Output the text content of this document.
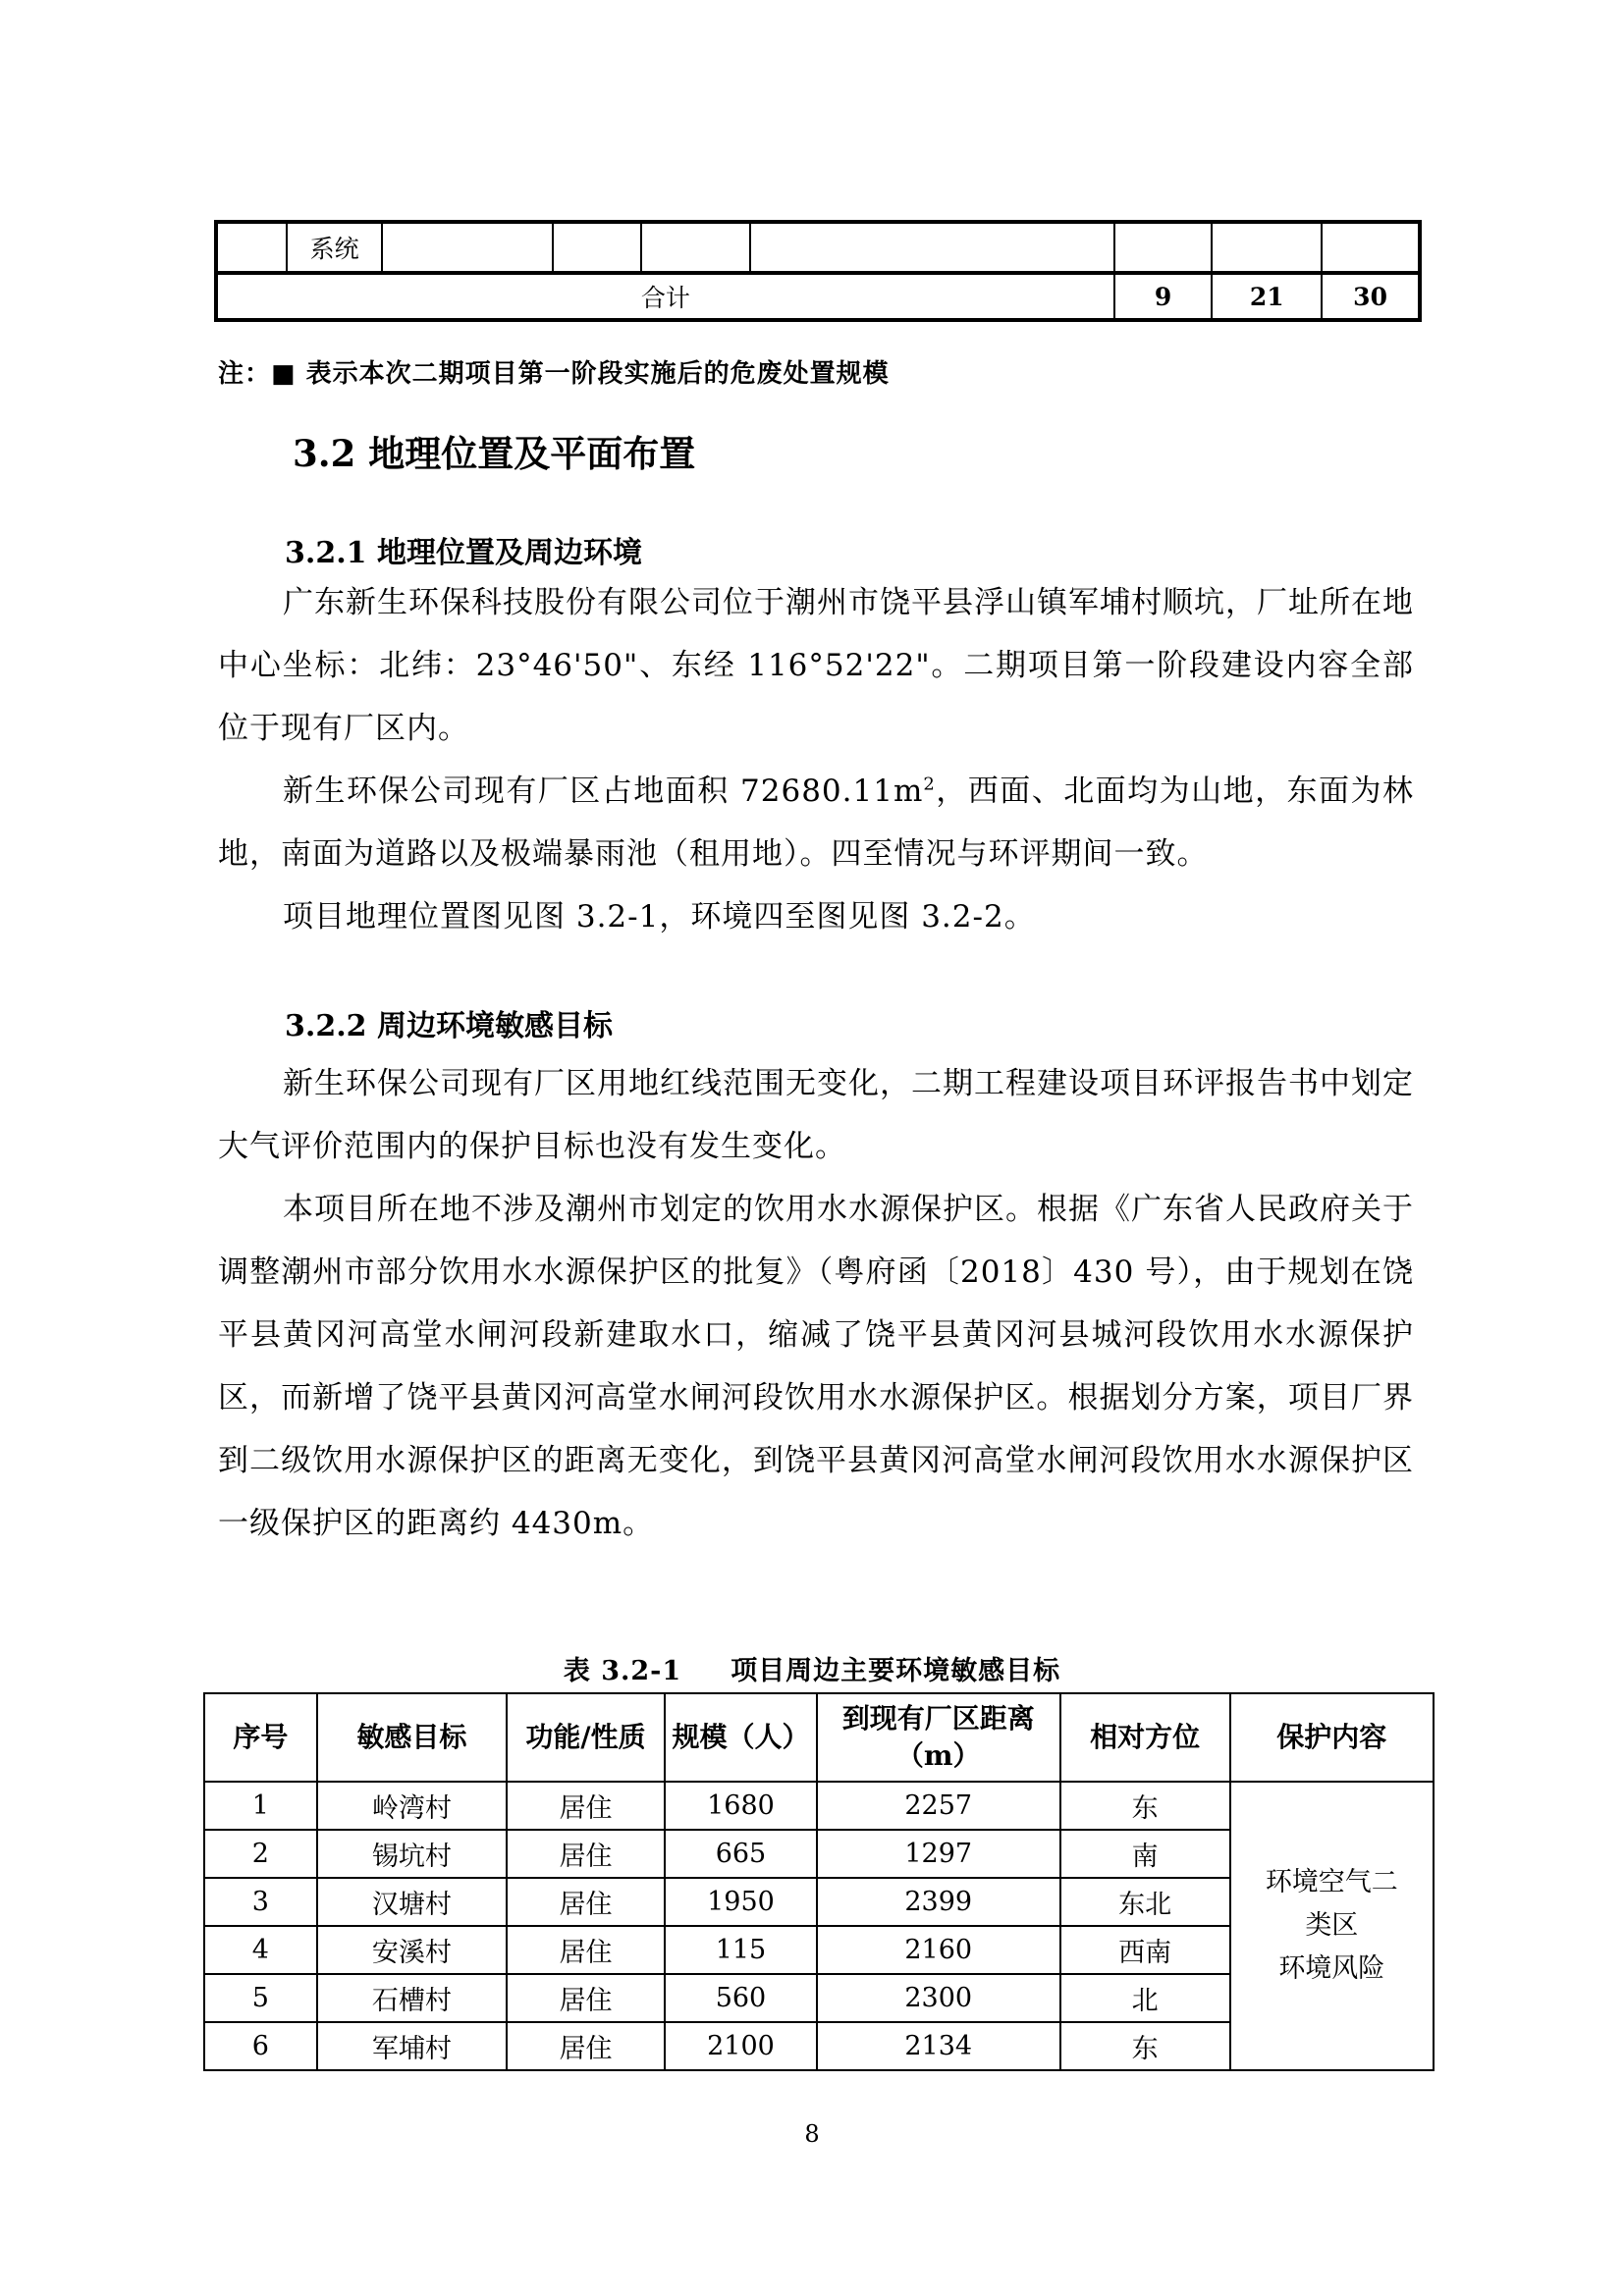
	系统							
合计						9	21	30
注：■ 表示本次二期项目第一阶段实施后的危废处置规模
3.2 地理位置及平面布置
3.2.1 地理位置及周边环境

广东新生环保科技股份有限公司位于潮州市饶平县浮山镇军埔村顺坑，厂址所在地中心坐标：北纬：23°46'50"、东经 116°52'22"。二期项目第一阶段建设内容全部位于现有厂区内。

新生环保公司现有厂区占地面积 $72680.11m^2$，西面、北面均为山地，东面为林地，南面为道路以及极端暴雨池（租用地）。四至情况与环评期间一致。

项目地理位置图见图 3.2-1，环境四至图见图 3.2-2。

3.2.2 周边环境敏感目标

新生环保公司现有厂区用地红线范围无变化，二期工程建设项目环评报告书中划定大气评价范围内的保护目标也没有发生变化。

本项目所在地不涉及潮州市划定的饮用水水源保护区。根据《广东省人民政府关于调整潮州市部分饮用水水源保护区的批复》（粤府函〔2018〕430 号），由于规划在饶平县黄冈河高堂水闸河段新建取水口，缩减了饶平县黄冈河县城河段饮用水水源保护区，而新增了饶平县黄冈河高堂水闸河段饮用水水源保护区。根据划分方案，项目厂界到二级饮用水源保护区的距离无变化，到饶平县黄冈河高堂水闸河段饮用水水源保护区一级保护区的距离约 4430m。

表 3.2-1 项目周边主要环境敏感目标
序号	敏感目标	功能/性质	规模（人）	到现有厂区距离（m）	相对方位	保护内容
1	岭湾村	居住	1680	2257	东	环境空气二
类区
环境风险

2	锡坑村	居住	665	1297	南	
3	汉塘村	居住	1950	2399	东北	
4	安溪村	居住	115	2160	西南	
5	石槽村	居住	560	2300	北	
6	军埔村	居住	2100	2134	东	
8
